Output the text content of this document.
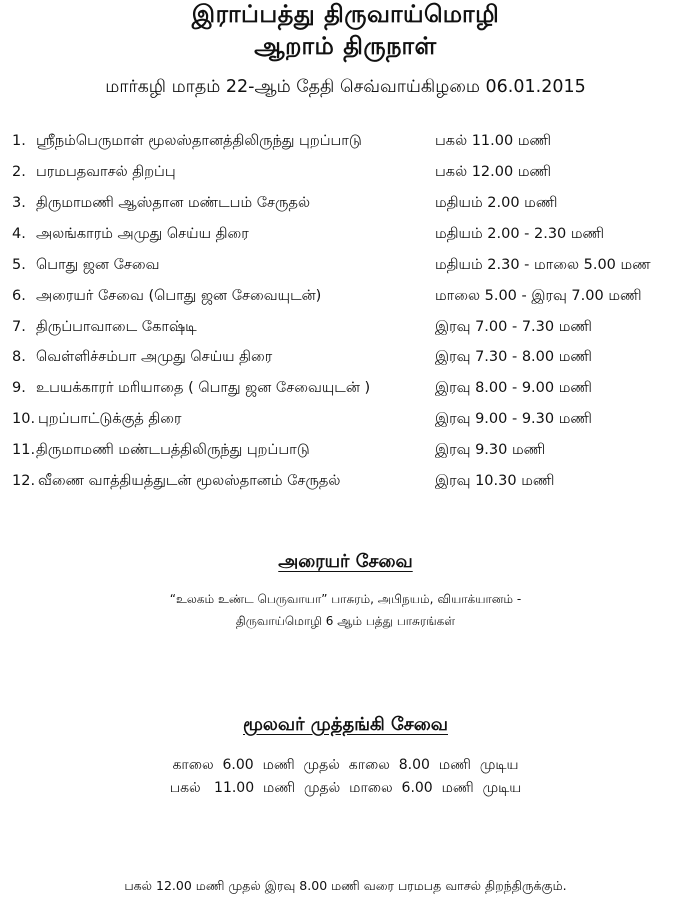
இராப்பத்து திருவாய்மொழி
ஆறாம் திருநாள்
மார்கழி மாதம் 22-ஆம் தேதி செவ்வாய்கிழமை 06.01.2015
1. ஸ்ரீநம்பெருமாள் மூலஸ்தானத்திலிருந்து புறப்பாடு	பகல் 11.00 மணி
2. பரமபதவாசல் திறப்பு	பகல் 12.00 மணி
3. திருமாமணி ஆஸ்தான மண்டபம் சேருதல்	மதியம் 2.00 மணி
4. அலங்காரம் அமுது செய்ய திரை	மதியம் 2.00 - 2.30 மணி
5. பொது ஜன சேவை	மதியம் 2.30 - மாலை 5.00 மண
6. அரையர் சேவை (பொது ஜன சேவையுடன்)	மாலை 5.00 - இரவு 7.00 மணி
7. திருப்பாவாடை கோஷ்டி	இரவு 7.00 - 7.30 மணி
8. வெள்ளிச்சம்பா அமுது செய்ய திரை	இரவு 7.30 - 8.00 மணி
9. உபயக்காரர் மரியாதை ( பொது ஜன சேவையுடன் )	இரவு 8.00 - 9.00 மணி
10. புறப்பாட்டுக்குத் திரை	இரவு 9.00 - 9.30 மணி
11. திருமாமணி மண்டபத்திலிருந்து புறப்பாடு	இரவு 9.30 மணி
12. வீணை வாத்தியத்துடன் மூலஸ்தானம் சேருதல்	இரவு 10.30 மணி
அரையர் சேவை
“உலகம் உண்ட பெருவாயா” பாசுரம், அபிநயம், வியாக்யானம் -
திருவாய்மொழி 6 ஆம் பத்து பாசுரங்கள்
மூலவர் முத்தங்கி சேவை
காலை  6.00  மணி  முதல்  காலை  8.00  மணி  முடிய
பகல்   11.00  மணி  முதல்  மாலை  6.00  மணி  முடிய
பகல் 12.00 மணி முதல் இரவு 8.00 மணி வரை பரமபத வாசல் திறந்திருக்கும்.
